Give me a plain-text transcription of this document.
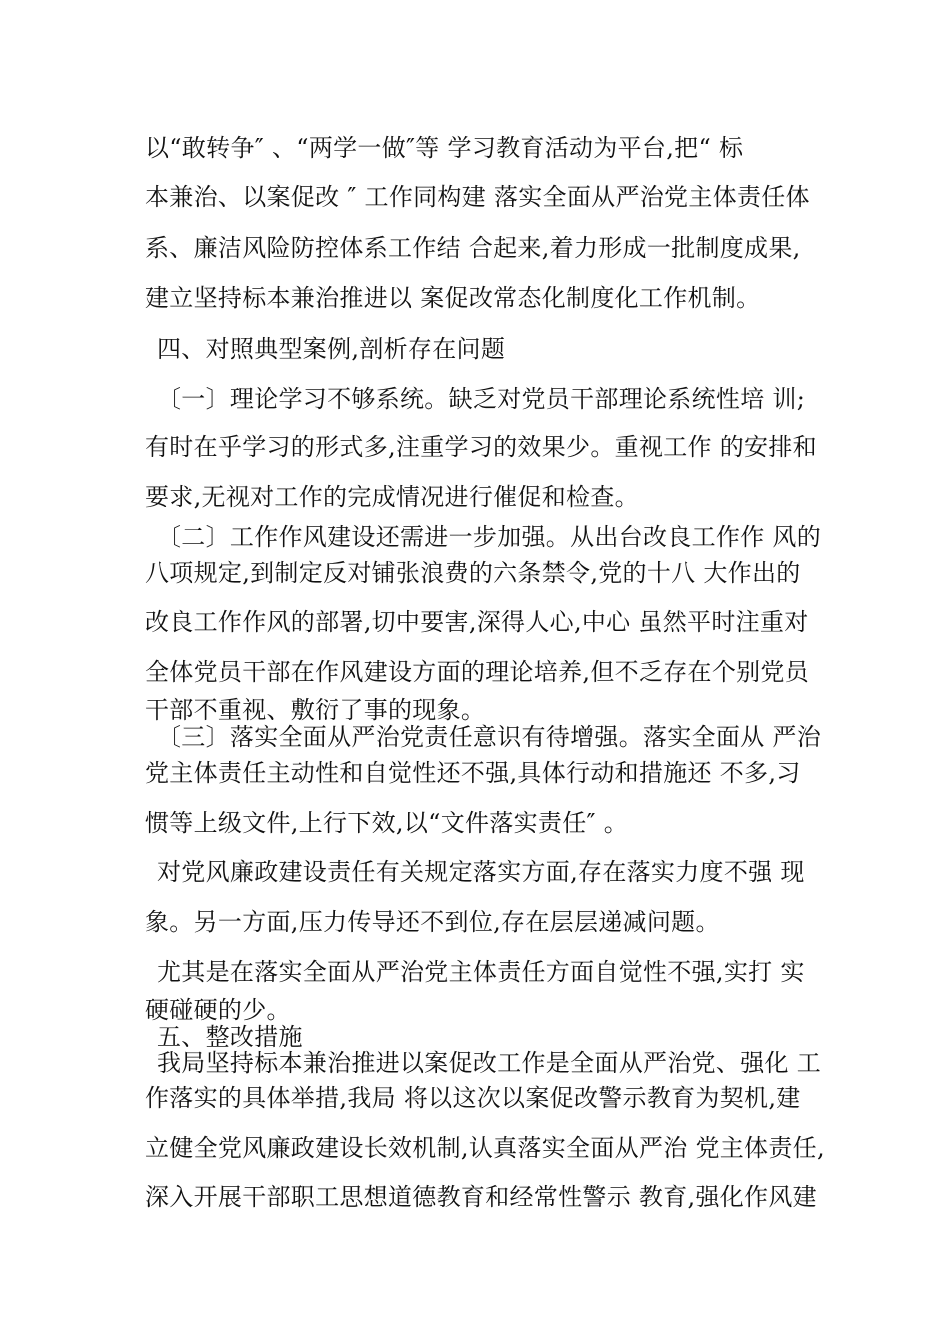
以“敢转争″ 、“两学一做″等 学习教育活动为平台,把“ 标
本兼治、以案促改 ″ 工作同构建 落实全面从严治党主体责任体
系、廉洁风险防控体系工作结 合起来,着力形成一批制度成果,
建立坚持标本兼治推进以 案促改常态化制度化工作机制。
四、对照典型案例,剖析存在问题
〔一〕理论学习不够系统。缺乏对党员干部理论系统性培 训;
有时在乎学习的形式多,注重学习的效果少。重视工作 的安排和
要求,无视对工作的完成情况进行催促和检查。
〔二〕工作作风建设还需进一步加强。从出台改良工作作 风的
八项规定,到制定反对铺张浪费的六条禁令,党的十八 大作出的
改良工作作风的部署,切中要害,深得人心,中心 虽然平时注重对
全体党员干部在作风建设方面的理论培养,但不乏存在个别党员
干部不重视、敷衍了事的现象。
〔三〕落实全面从严治党责任意识有待增强。落实全面从 严治
党主体责任主动性和自觉性还不强,具体行动和措施还 不多,习
惯等上级文件,上行下效,以“文件落实责任″ 。
对党风廉政建设责任有关规定落实方面,存在落实力度不强 现
象。另一方面,压力传导还不到位,存在层层递减问题。
尤其是在落实全面从严治党主体责任方面自觉性不强,实打 实
硬碰硬的少。
五、整改措施
我局坚持标本兼治推进以案促改工作是全面从严治党、强化 工
作落实的具体举措,我局 将以这次以案促改警示教育为契机,建
立健全党风廉政建设长效机制,认真落实全面从严治 党主体责任,
深入开展干部职工思想道德教育和经常性警示 教育,强化作风建
